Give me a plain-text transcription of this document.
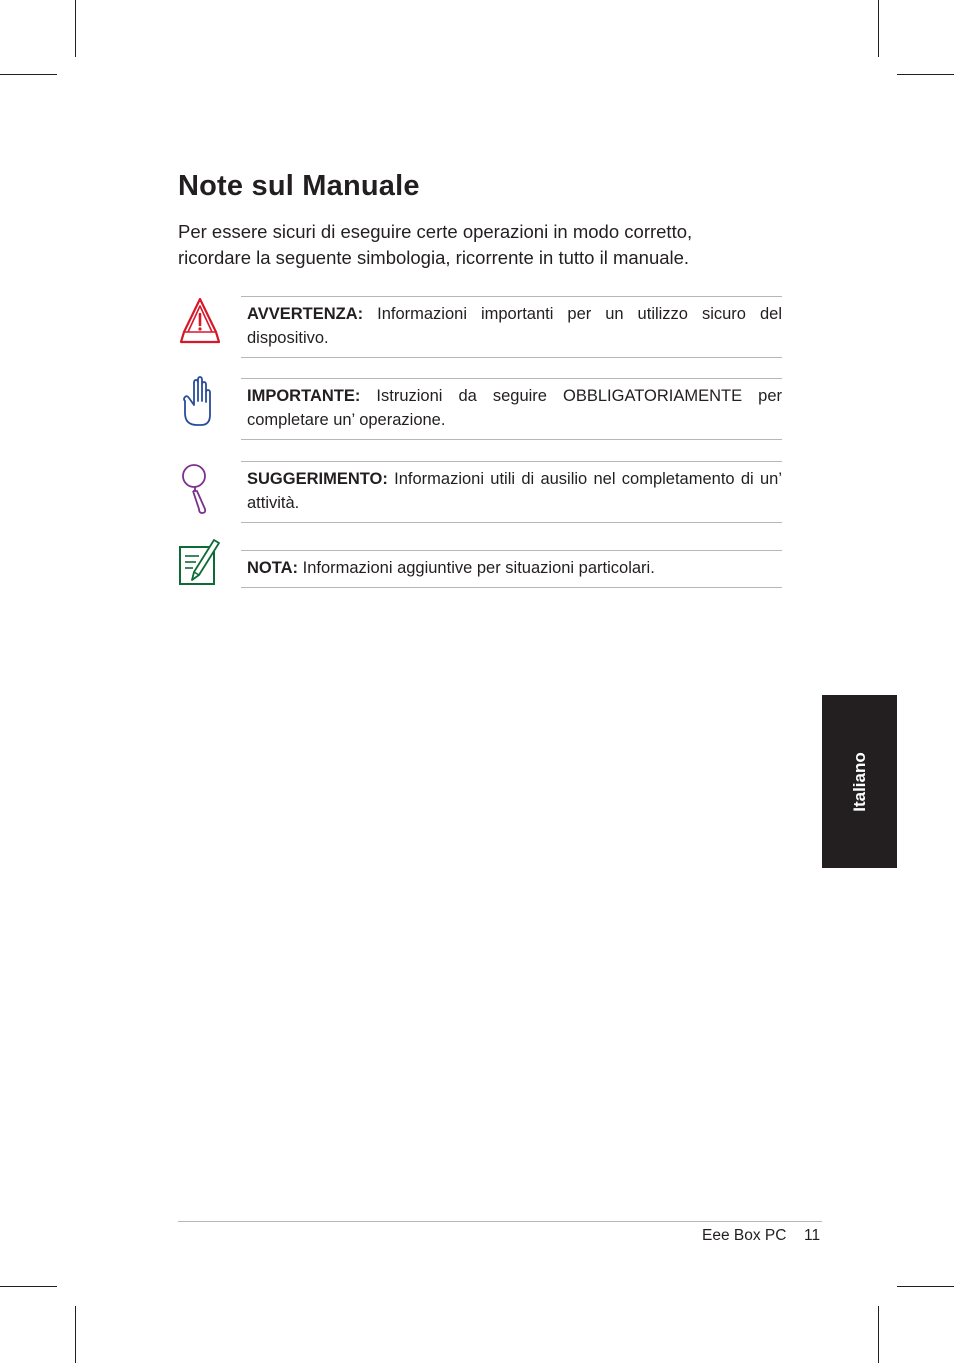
Note sul Manuale

Per essere sicuri di eseguire certe operazioni in modo corretto,

ricordare la seguente simbologia, ricorrente in tutto il manuale.

AVVERTENZA: Informazioni importanti per un utilizzo sicuro del dispositivo.
IMPORTANTE: Istruzioni da seguire OBBLIGATORIAMENTE per completare un’ operazione.
SUGGERIMENTO: Informazioni utili di ausilio nel completamento di un’ attività.
NOTA: Informazioni aggiuntive per situazioni particolari.
Italiano
Eee Box PC 11
